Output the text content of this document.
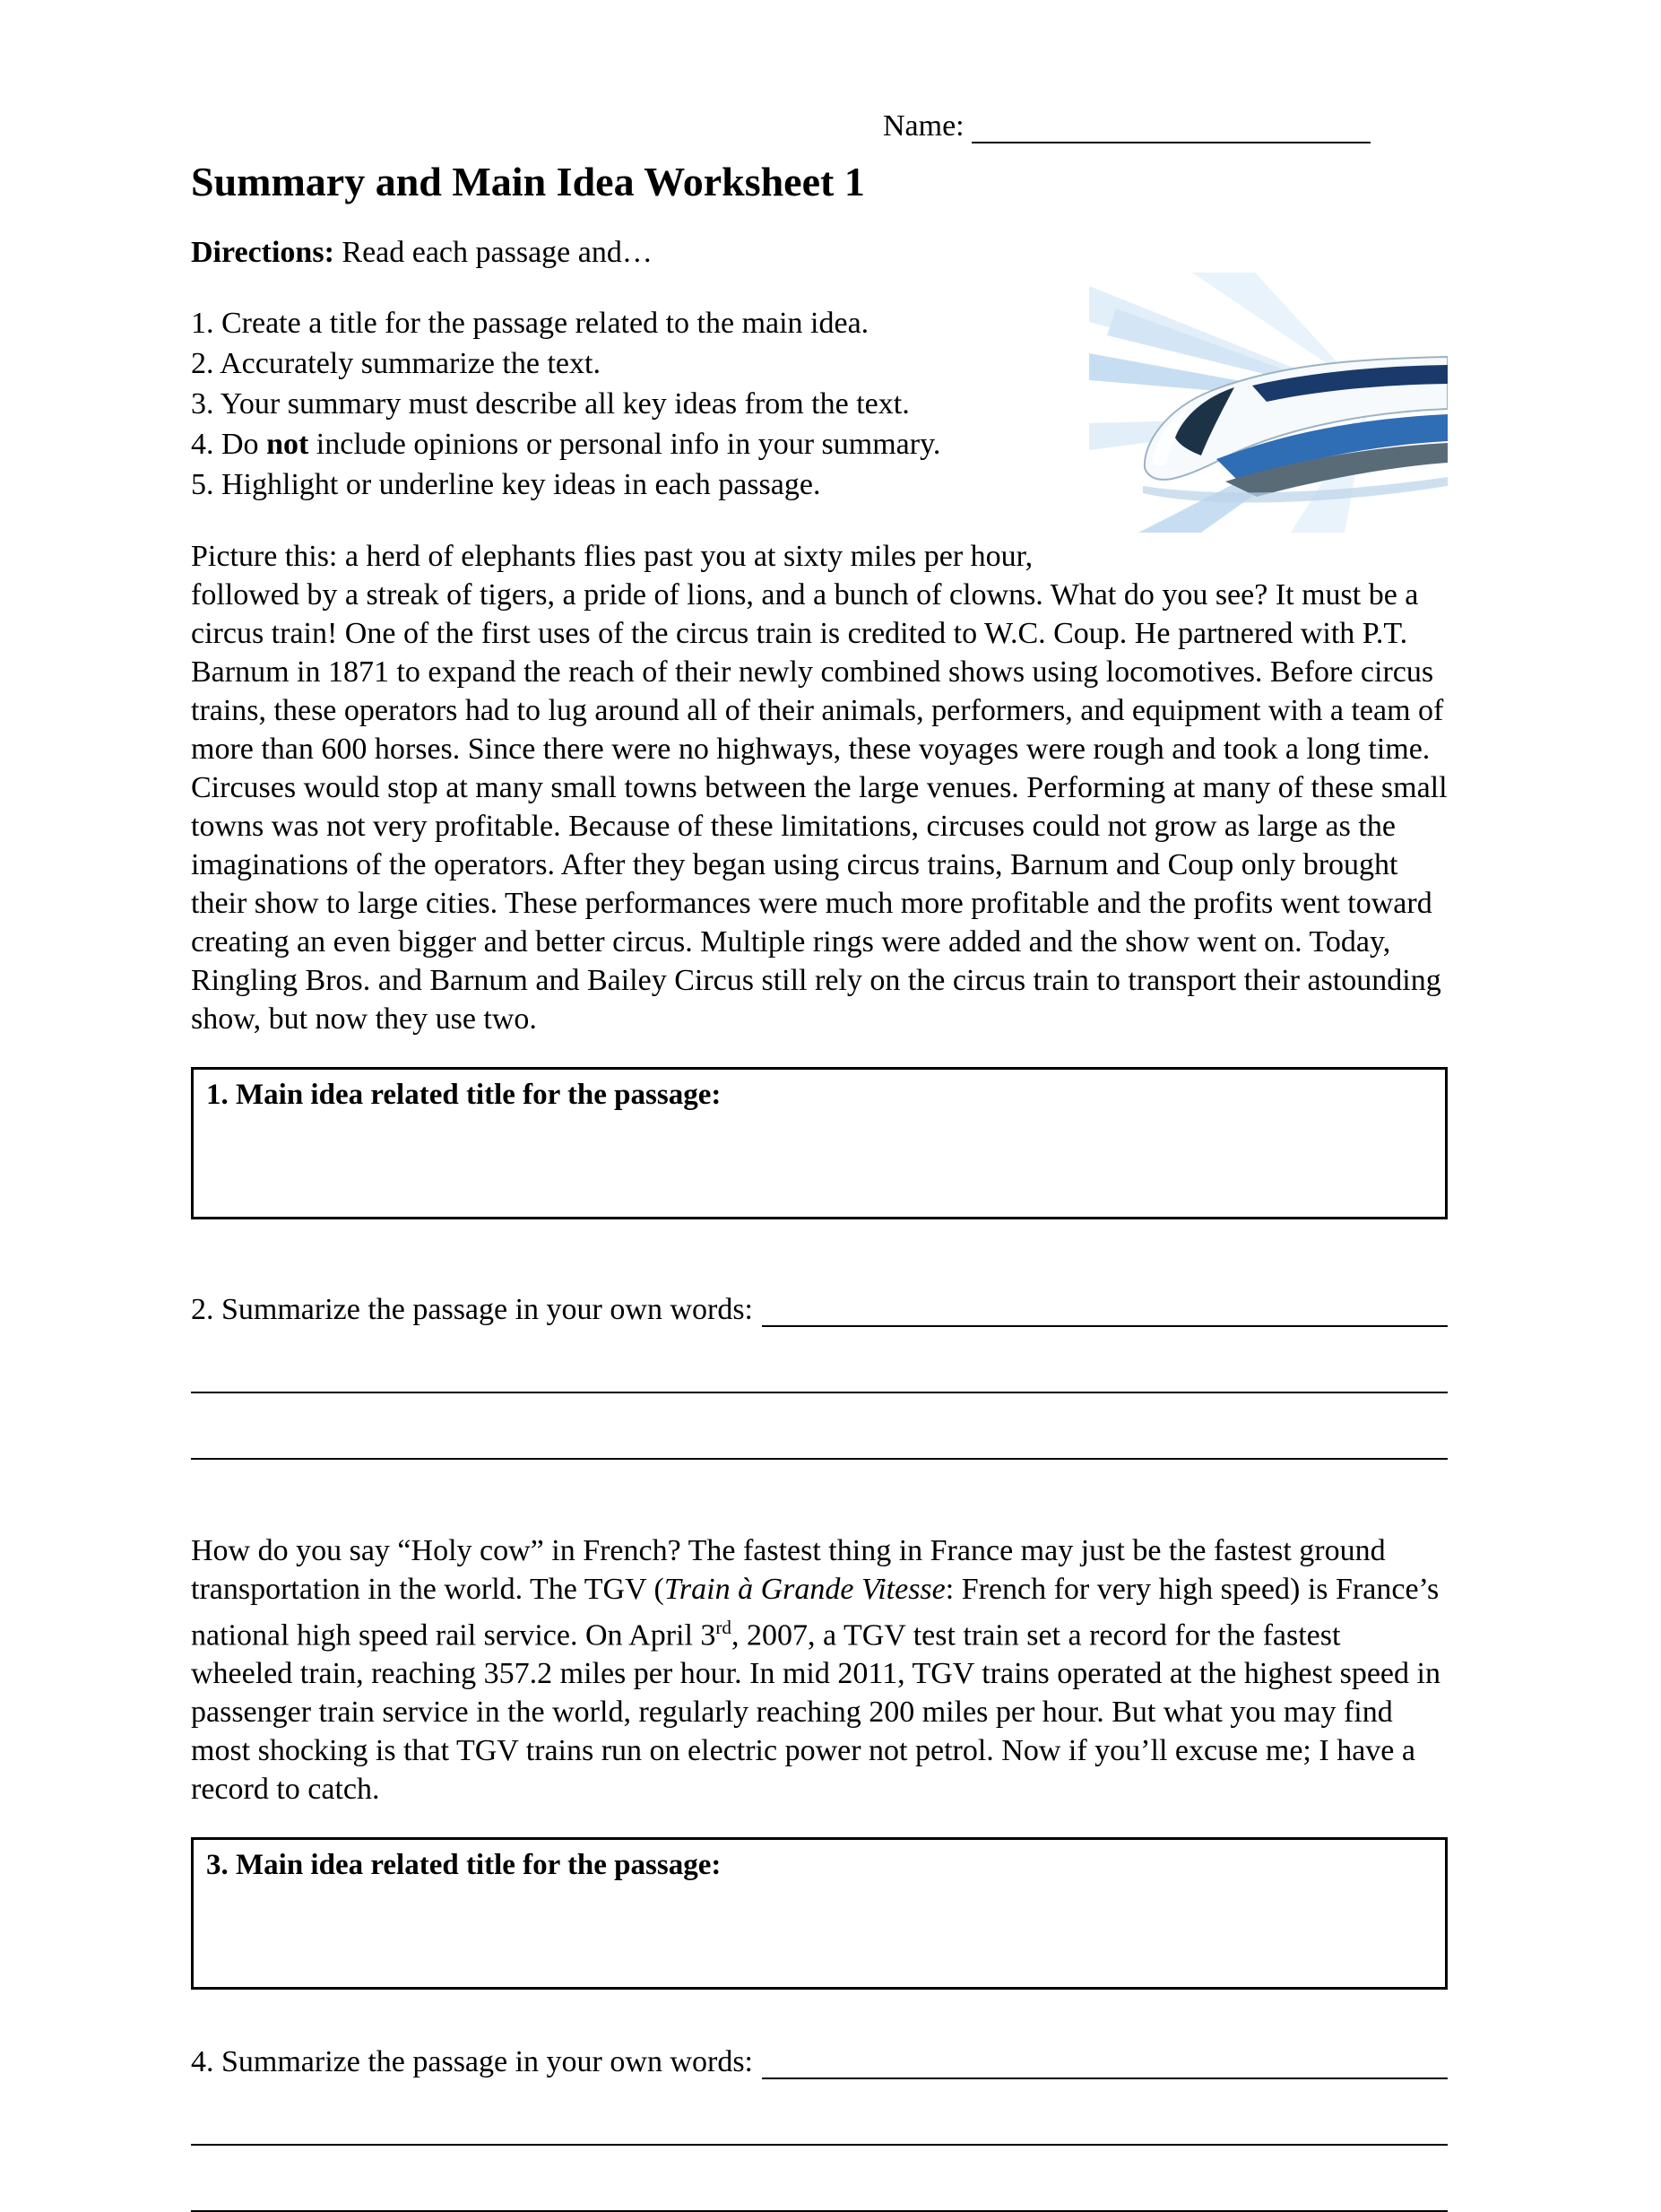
Name:
Summary and Main Idea Worksheet 1
Directions: Read each passage and…
1. Create a title for the passage related to the main idea.
2. Accurately summarize the text.
3. Your summary must describe all key ideas from the text.
4. Do not include opinions or personal info in your summary.
5. Highlight or underline key ideas in each passage.

Picture this: a herd of elephants flies past you at sixty miles per hour, followed by a streak of tigers, a pride of lions, and a bunch of clowns. What do you see? It must be a circus train! One of the first uses of the circus train is credited to W.C. Coup. He partnered with P.T. Barnum in 1871 to expand the reach of their newly combined shows using locomotives. Before circus trains, these operators had to lug around all of their animals, performers, and equipment with a team of more than 600 horses. Since there were no highways, these voyages were rough and took a long time. Circuses would stop at many small towns between the large venues. Performing at many of these small towns was not very profitable. Because of these limitations, circuses could not grow as large as the imaginations of the operators. After they began using circus trains, Barnum and Coup only brought their show to large cities. These performances were much more profitable and the profits went toward creating an even bigger and better circus. Multiple rings were added and the show went on. Today, Ringling Bros. and Barnum and Bailey Circus still rely on the circus train to transport their astounding show, but now they use two.

1. Main idea related title for the passage:
2. Summarize the passage in your own words:

How do you say “Holy cow” in French? The fastest thing in France may just be the fastest ground transportation in the world. The TGV (Train à Grande Vitesse: French for very high speed) is France’s national high speed rail service. On April 3rd, 2007, a TGV test train set a record for the fastest wheeled train, reaching 357.2 miles per hour. In mid 2011, TGV trains operated at the highest speed in passenger train service in the world, regularly reaching 200 miles per hour. But what you may find most shocking is that TGV trains run on electric power not petrol. Now if you’ll excuse me; I have a record to catch.

3. Main idea related title for the passage:
4. Summarize the passage in your own words:
